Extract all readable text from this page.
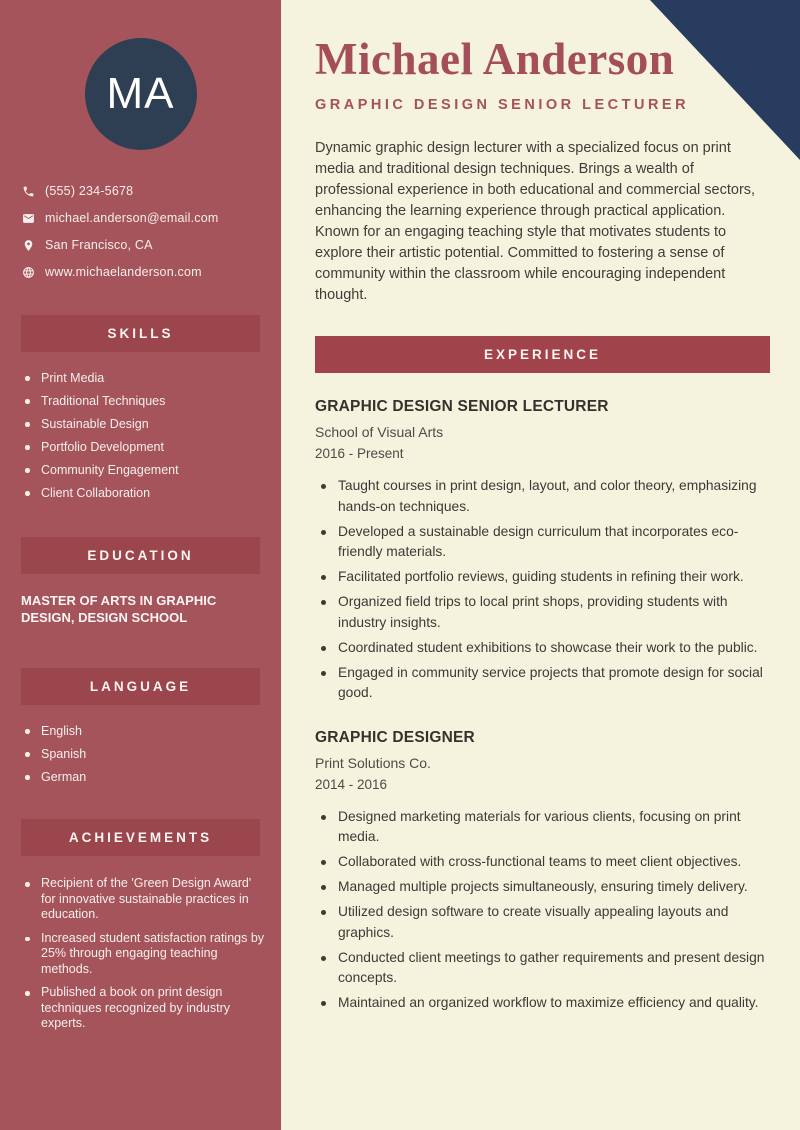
MA
(555) 234-5678
michael.anderson@email.com
San Francisco, CA
www.michaelanderson.com
SKILLS
Print Media
Traditional Techniques
Sustainable Design
Portfolio Development
Community Engagement
Client Collaboration
EDUCATION
MASTER OF ARTS IN GRAPHIC DESIGN, DESIGN SCHOOL
LANGUAGE
English
Spanish
German
ACHIEVEMENTS
Recipient of the 'Green Design Award' for innovative sustainable practices in education.
Increased student satisfaction ratings by 25% through engaging teaching methods.
Published a book on print design techniques recognized by industry experts.
Michael Anderson
GRAPHIC DESIGN SENIOR LECTURER

Dynamic graphic design lecturer with a specialized focus on print media and traditional design techniques. Brings a wealth of professional experience in both educational and commercial sectors, enhancing the learning experience through practical application. Known for an engaging teaching style that motivates students to explore their artistic potential. Committed to fostering a sense of community within the classroom while encouraging independent thought.

EXPERIENCE
GRAPHIC DESIGN SENIOR LECTURER
School of Visual Arts
2016 - Present
Taught courses in print design, layout, and color theory, emphasizing hands-on techniques.
Developed a sustainable design curriculum that incorporates eco-friendly materials.
Facilitated portfolio reviews, guiding students in refining their work.
Organized field trips to local print shops, providing students with industry insights.
Coordinated student exhibitions to showcase their work to the public.
Engaged in community service projects that promote design for social good.
GRAPHIC DESIGNER
Print Solutions Co.
2014 - 2016
Designed marketing materials for various clients, focusing on print media.
Collaborated with cross-functional teams to meet client objectives.
Managed multiple projects simultaneously, ensuring timely delivery.
Utilized design software to create visually appealing layouts and graphics.
Conducted client meetings to gather requirements and present design concepts.
Maintained an organized workflow to maximize efficiency and quality.
